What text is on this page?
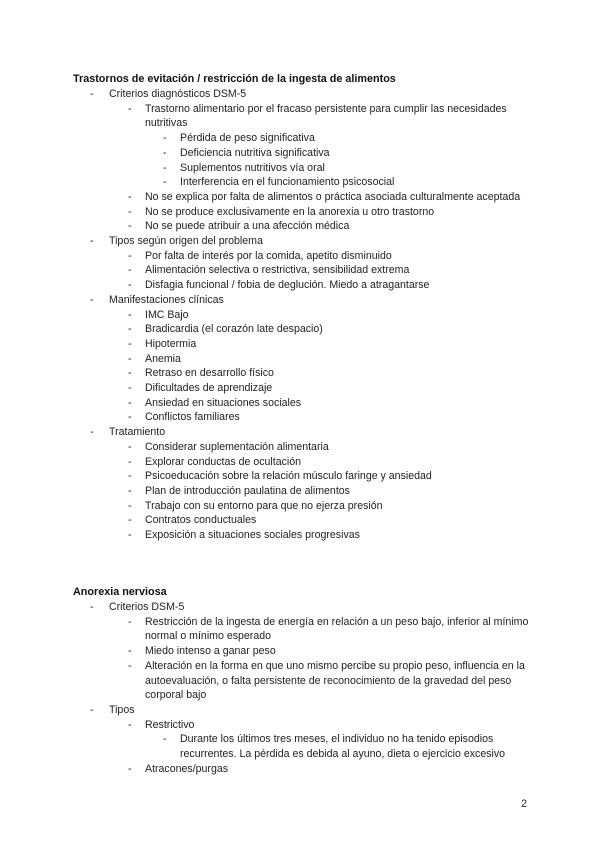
Trastornos de evitación / restricción de la ingesta de alimentos
- Criterios diagnósticos DSM-5
- Trastorno alimentario por el fracaso persistente para cumplir las necesidades nutritivas
- Pérdida de peso significativa
- Deficiencia nutritiva significativa
- Suplementos nutritivos vía oral
- Interferencia en el funcionamiento psicosocial
- No se explica por falta de alimentos o práctica asociada culturalmente aceptada
- No se produce exclusivamente en la anorexia u otro trastorno
- No se puede atribuir a una afección médica
- Tipos según origen del problema
- Por falta de interés por la comida, apetito disminuido
- Alimentación selectiva o restrictiva, sensibilidad extrema
- Disfagia funcional / fobia de deglución. Miedo a atragantarse
- Manifestaciones clínicas
- IMC Bajo
- Bradicardia (el corazón late despacio)
- Hipotermia
- Anemia
- Retraso en desarrollo físico
- Dificultades de aprendizaje
- Ansiedad en situaciones sociales
- Conflictos familiares
- Tratamiento
- Considerar suplementación alimentaria
- Explorar conductas de ocultación
- Psicoeducación sobre la relación músculo faringe y ansiedad
- Plan de introducción paulatina de alimentos
- Trabajo con su entorno para que no ejerza presión
- Contratos conductuales
- Exposición a situaciones sociales progresivas
Anorexia nerviosa
- Criterios DSM-5
- Restricción de la ingesta de energía en relación a un peso bajo, inferior al mínimo normal o mínimo esperado
- Miedo intenso a ganar peso
- Alteración en la forma en que uno mismo percibe su propio peso, influencia en la autoevaluación, o falta persistente de reconocimiento de la gravedad del peso corporal bajo
- Tipos
- Restrictivo
- Durante los últimos tres meses, el individuo no ha tenido episodios recurrentes. La pérdida es debida al ayuno, dieta o ejercicio excesivo
- Atracones/purgas
2
